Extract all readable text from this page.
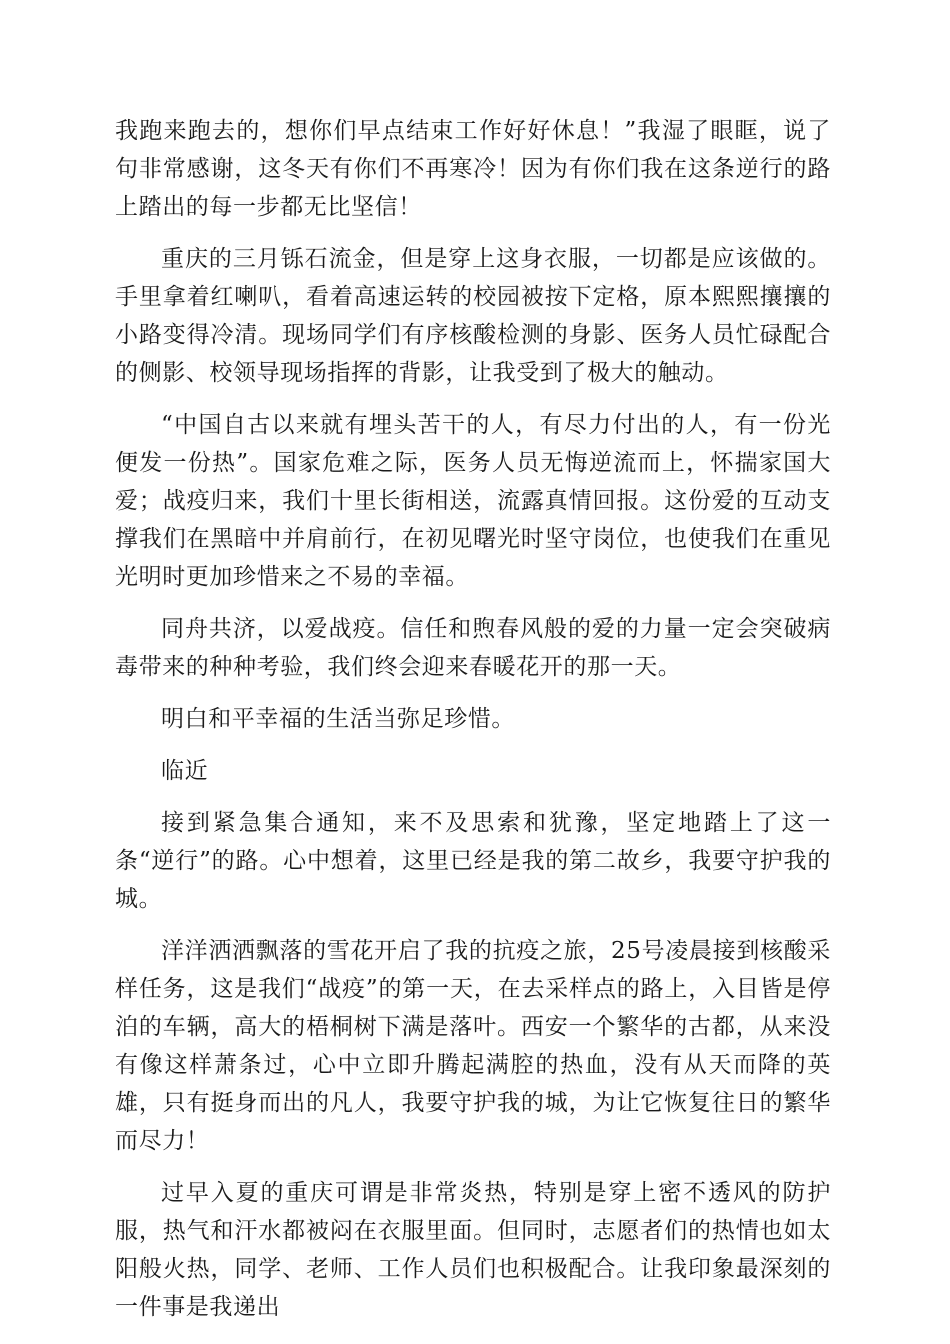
我跑来跑去的，想你们早点结束工作好好休息！”我湿了眼眶，说了句非常感谢，这冬天有你们不再寒冷！因为有你们我在这条逆行的路上踏出的每一步都无比坚信！

重庆的三月铄石流金，但是穿上这身衣服，一切都是应该做的。手里拿着红喇叭，看着高速运转的校园被按下定格，原本熙熙攘攘的小路变得冷清。现场同学们有序核酸检测的身影、医务人员忙碌配合的侧影、校领导现场指挥的背影，让我受到了极大的触动。

“中国自古以来就有埋头苦干的人，有尽力付出的人，有一份光便发一份热”。国家危难之际，医务人员无悔逆流而上，怀揣家国大爱；战疫归来，我们十里长街相送，流露真情回报。这份爱的互动支撑我们在黑暗中并肩前行，在初见曙光时坚守岗位，也使我们在重见光明时更加珍惜来之不易的幸福。

同舟共济，以爱战疫。信任和煦春风般的爱的力量一定会突破病毒带来的种种考验，我们终会迎来春暖花开的那一天。

明白和平幸福的生活当弥足珍惜。

临近

接到紧急集合通知，来不及思索和犹豫，坚定地踏上了这一条“逆行”的路。心中想着，这里已经是我的第二故乡，我要守护我的城。

洋洋洒洒飘落的雪花开启了我的抗疫之旅，25号凌晨接到核酸采样任务，这是我们“战疫”的第一天，在去采样点的路上，入目皆是停泊的车辆，高大的梧桐树下满是落叶。西安一个繁华的古都，从来没有像这样萧条过，心中立即升腾起满腔的热血，没有从天而降的英雄，只有挺身而出的凡人，我要守护我的城，为让它恢复往日的繁华而尽力！

过早入夏的重庆可谓是非常炎热，特别是穿上密不透风的防护服，热气和汗水都被闷在衣服里面。但同时，志愿者们的热情也如太阳般火热，同学、老师、工作人员们也积极配合。让我印象最深刻的一件事是我递出
